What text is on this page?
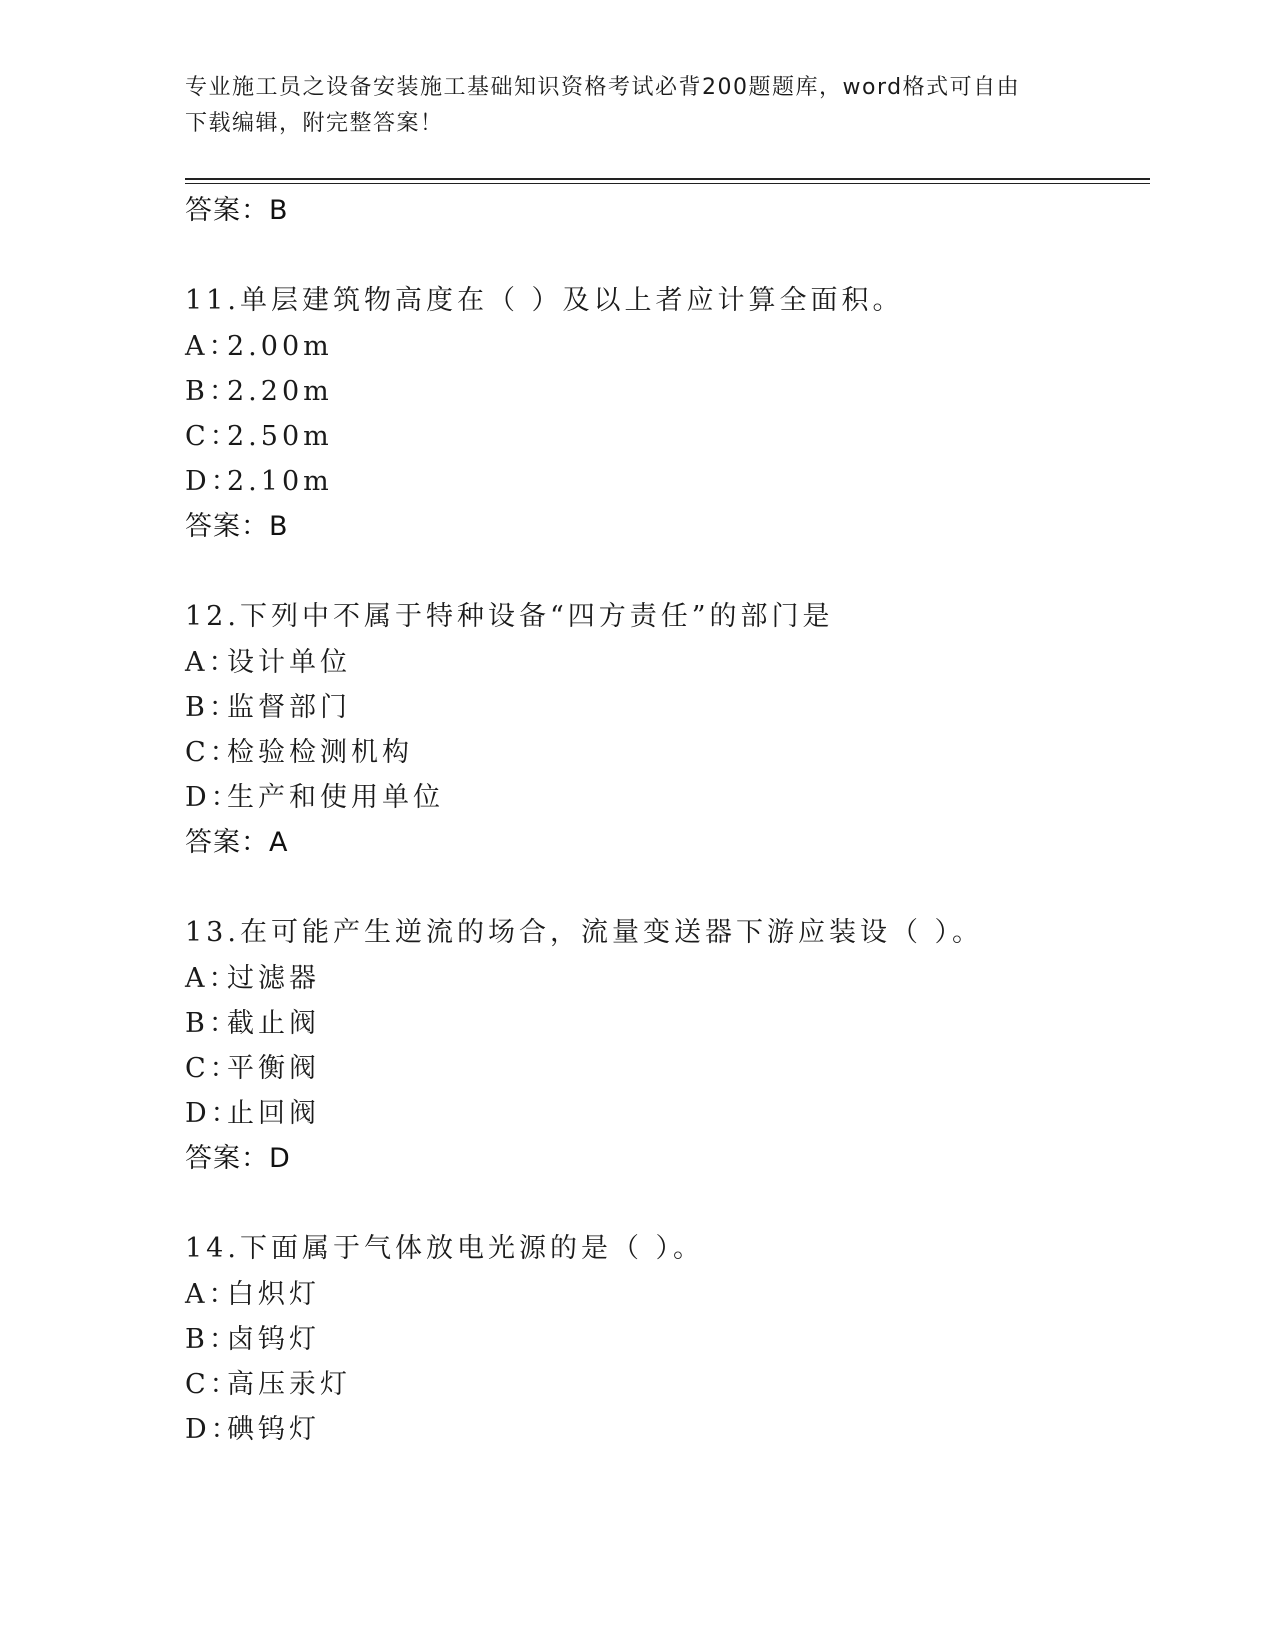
专业施工员之设备安装施工基础知识资格考试必背200题题库，word格式可自由
下载编辑，附完整答案！
答案：B
11.单层建筑物高度在（ ）及以上者应计算全面积。
A：2.00m
B：2.20m
C：2.50m
D：2.10m
答案：B
12.下列中不属于特种设备“四方责任”的部门是
A：设计单位
B：监督部门
C：检验检测机构
D：生产和使用单位
答案：A
13.在可能产生逆流的场合，流量变送器下游应装设（ ）。
A：过滤器
B：截止阀
C：平衡阀
D：止回阀
答案：D
14.下面属于气体放电光源的是（ ）。
A：白炽灯
B：卤钨灯
C：高压汞灯
D：碘钨灯
